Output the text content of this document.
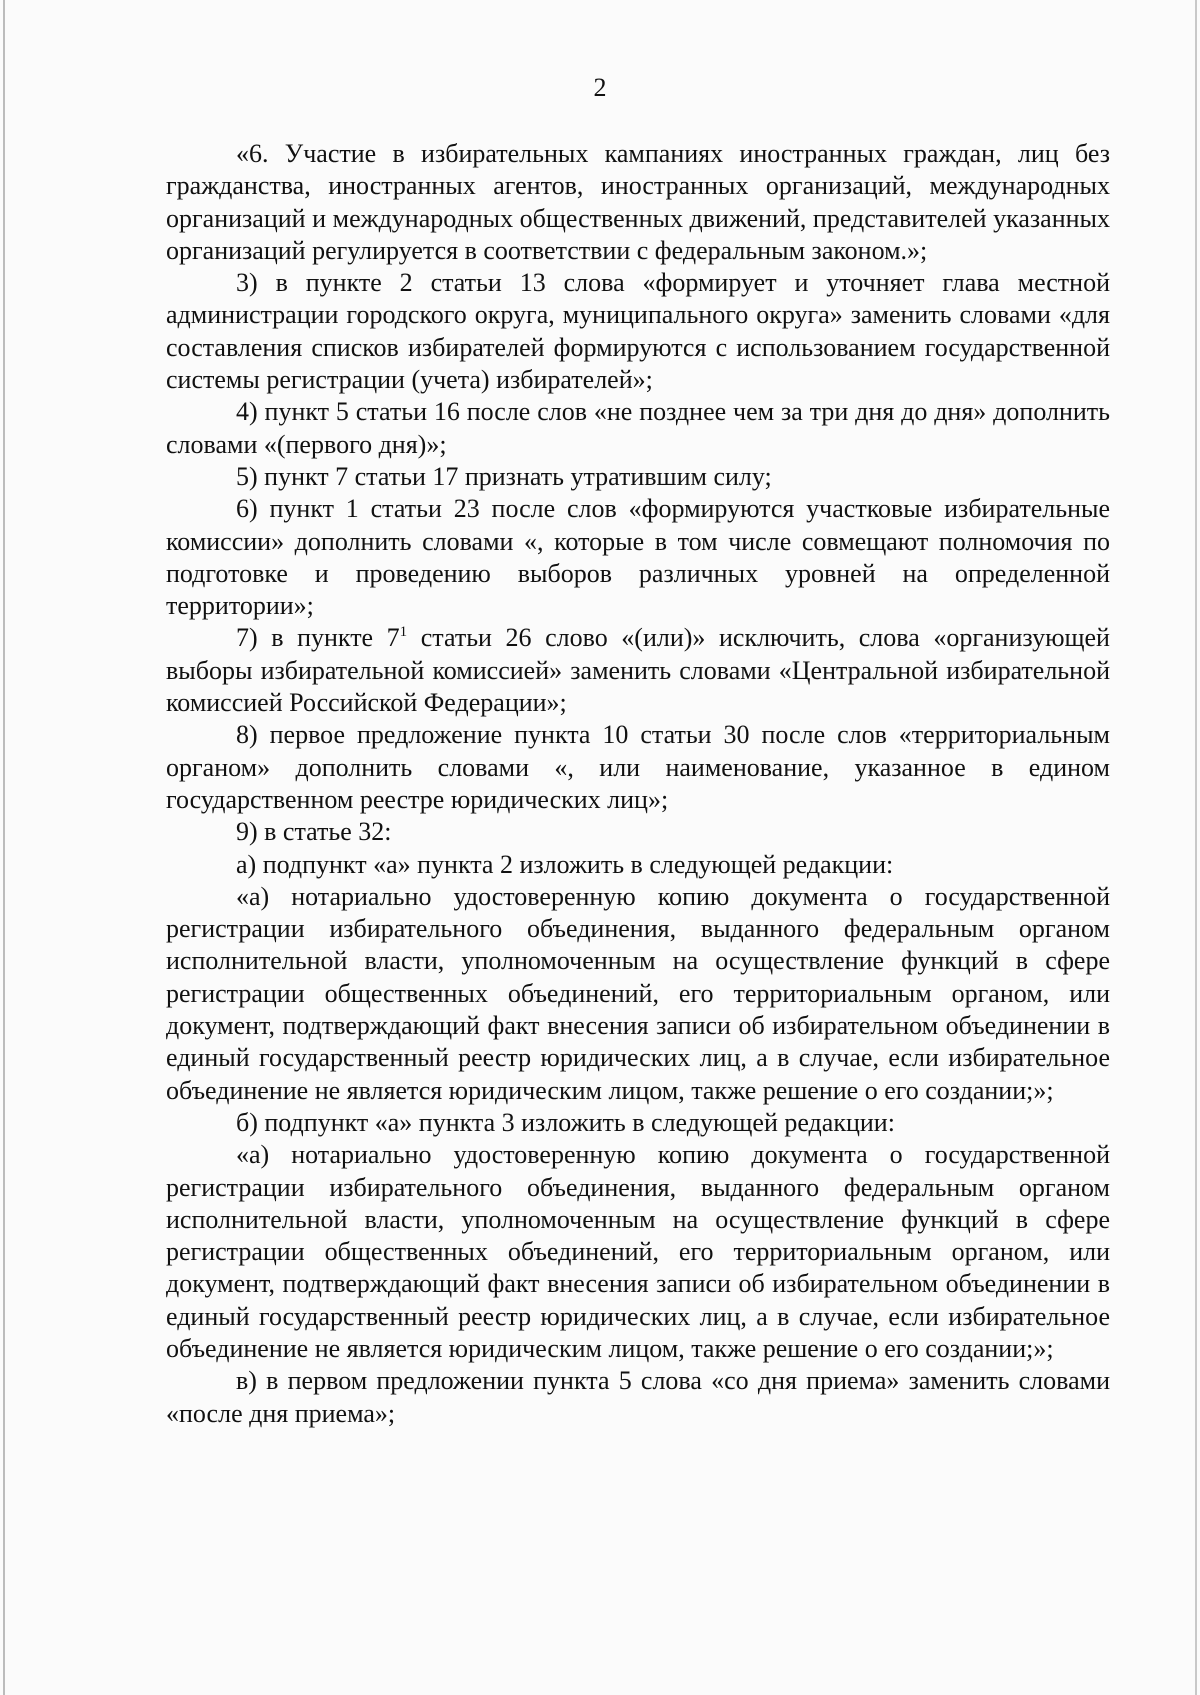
2

«6. Участие в избирательных кампаниях иностранных граждан, лиц без гражданства, иностранных агентов, иностранных организаций, международных организаций и международных общественных движений, представителей указанных организаций регулируется в соответствии с федеральным законом.»;

3) в пункте 2 статьи 13 слова «формирует и уточняет глава местной администрации городского округа, муниципального округа» заменить словами «для составления списков избирателей формируются с использованием государственной системы регистрации (учета) избирателей»;

4) пункт 5 статьи 16 после слов «не позднее чем за три дня до дня» дополнить словами «(первого дня)»;

5) пункт 7 статьи 17 признать утратившим силу;

6) пункт 1 статьи 23 после слов «формируются участковые избирательные комиссии» дополнить словами «, которые в том числе совмещают полномочия по подготовке и проведению выборов различных уровней на определенной территории»;

7) в пункте $7^1$ статьи 26 слово «(или)» исключить, слова «организующей выборы избирательной комиссией» заменить словами «Центральной избирательной комиссией Российской Федерации»;

8) первое предложение пункта 10 статьи 30 после слов «территориальным органом» дополнить словами «, или наименование, указанное в едином государственном реестре юридических лиц»;

9) в статье 32:

а) подпункт «а» пункта 2 изложить в следующей редакции:

«а) нотариально удостоверенную копию документа о государственной регистрации избирательного объединения, выданного федеральным органом исполнительной власти, уполномоченным на осуществление функций в сфере регистрации общественных объединений, его территориальным органом, или документ, подтверждающий факт внесения записи об избирательном объединении в единый государственный реестр юридических лиц, а в случае, если избирательное объединение не является юридическим лицом, также решение о его создании;»;

б) подпункт «а» пункта 3 изложить в следующей редакции:

«а) нотариально удостоверенную копию документа о государственной регистрации избирательного объединения, выданного федеральным органом исполнительной власти, уполномоченным на осуществление функций в сфере регистрации общественных объединений, его территориальным органом, или документ, подтверждающий факт внесения записи об избирательном объединении в единый государственный реестр юридических лиц, а в случае, если избирательное объединение не является юридическим лицом, также решение о его создании;»;

в) в первом предложении пункта 5 слова «со дня приема» заменить словами «после дня приема»;
